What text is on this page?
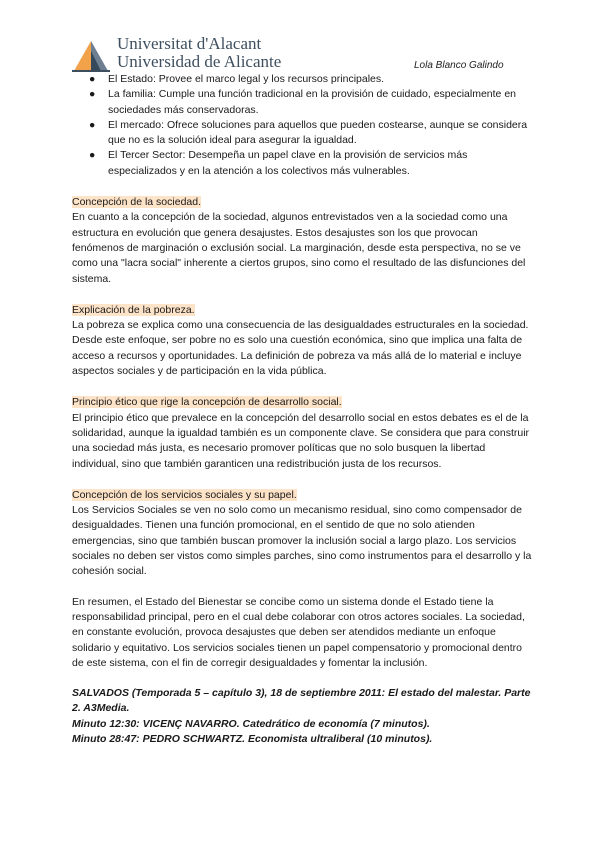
Universitat d'Alacant
Universidad de Alicante	Lola Blanco Galindo
● El Estado: Provee el marco legal y los recursos principales.
● La familia: Cumple una función tradicional en la provisión de cuidado, especialmente en sociedades más conservadoras.
● El mercado: Ofrece soluciones para aquellos que pueden costearse, aunque se considera que no es la solución ideal para asegurar la igualdad.
● El Tercer Sector: Desempeña un papel clave en la provisión de servicios más especializados y en la atención a los colectivos más vulnerables.
Concepción de la sociedad.

En cuanto a la concepción de la sociedad, algunos entrevistados ven a la sociedad como una estructura en evolución que genera desajustes. Estos desajustes son los que provocan fenómenos de marginación o exclusión social. La marginación, desde esta perspectiva, no se ve como una "lacra social" inherente a ciertos grupos, sino como el resultado de las disfunciones del sistema.

Explicación de la pobreza.

La pobreza se explica como una consecuencia de las desigualdades estructurales en la sociedad. Desde este enfoque, ser pobre no es solo una cuestión económica, sino que implica una falta de acceso a recursos y oportunidades. La definición de pobreza va más allá de lo material e incluye aspectos sociales y de participación en la vida pública.

Principio ético que rige la concepción de desarrollo social.

El principio ético que prevalece en la concepción del desarrollo social en estos debates es el de la solidaridad, aunque la igualdad también es un componente clave. Se considera que para construir una sociedad más justa, es necesario promover políticas que no solo busquen la libertad individual, sino que también garanticen una redistribución justa de los recursos.

Concepción de los servicios sociales y su papel.

Los Servicios Sociales se ven no solo como un mecanismo residual, sino como compensador de desigualdades. Tienen una función promocional, en el sentido de que no solo atienden emergencias, sino que también buscan promover la inclusión social a largo plazo. Los servicios sociales no deben ser vistos como simples parches, sino como instrumentos para el desarrollo y la cohesión social.

En resumen, el Estado del Bienestar se concibe como un sistema donde el Estado tiene la responsabilidad principal, pero en el cual debe colaborar con otros actores sociales. La sociedad, en constante evolución, provoca desajustes que deben ser atendidos mediante un enfoque solidario y equitativo. Los servicios sociales tienen un papel compensatorio y promocional dentro de este sistema, con el fin de corregir desigualdades y fomentar la inclusión.

SALVADOS (Temporada 5 – capítulo 3), 18 de septiembre 2011: El estado del malestar. Parte 2. A3Media.
Minuto 12:30: VICENÇ NAVARRO. Catedrático de economía (7 minutos).
Minuto 28:47: PEDRO SCHWARTZ. Economista ultraliberal (10 minutos).
